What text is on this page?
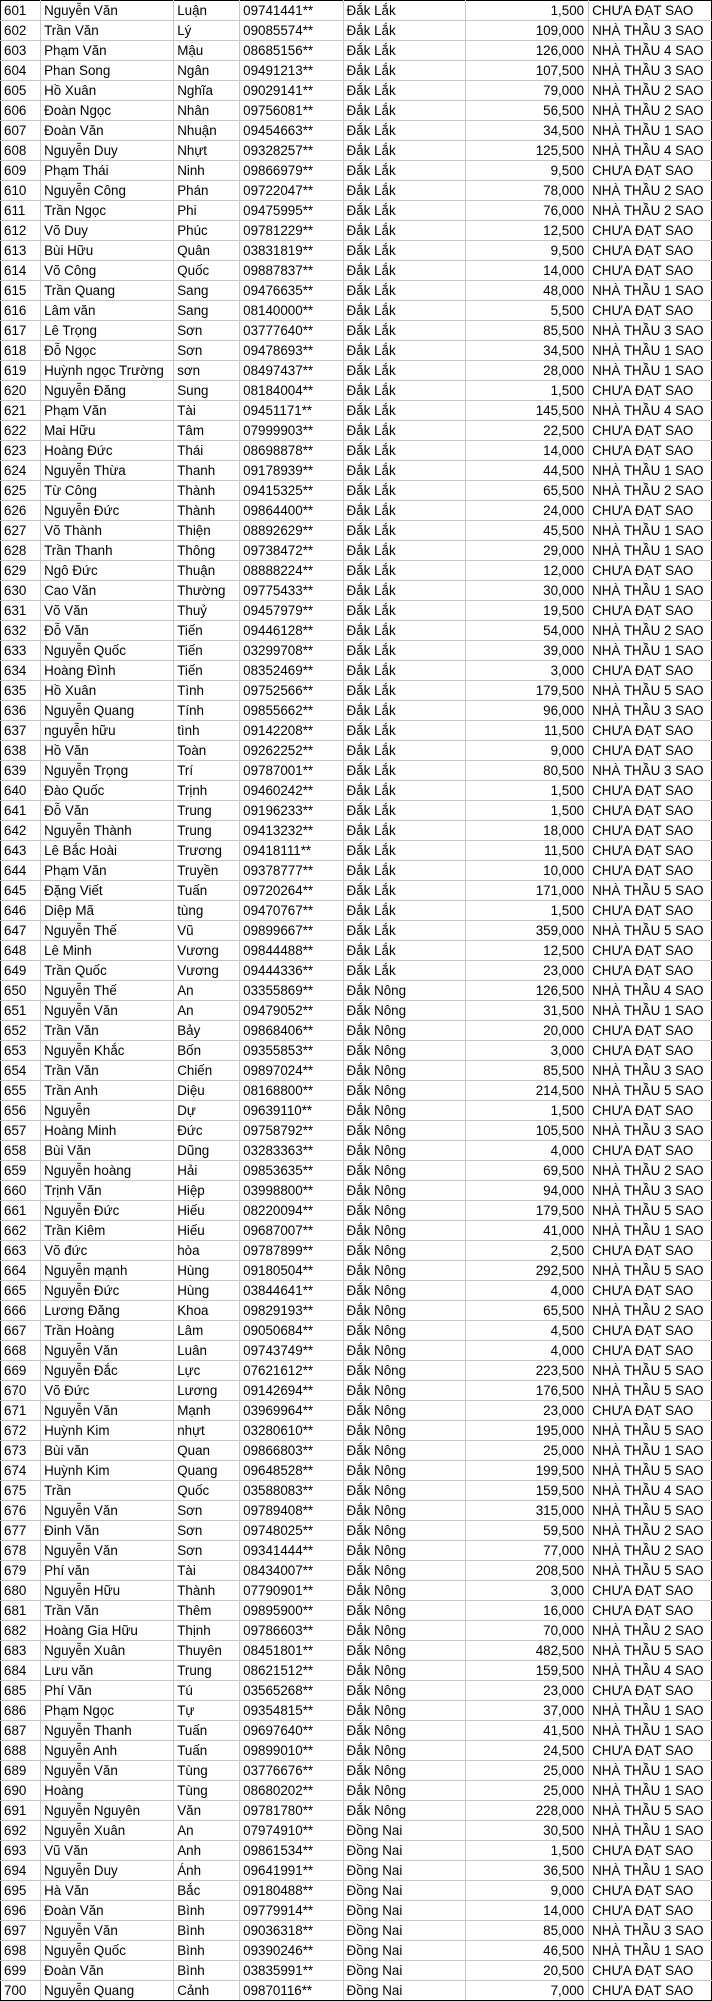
601	Nguyễn Văn	Luận	09741441**	Đắk Lắk	1,500	CHƯA ĐẠT SAO
602	Trần Văn	Lý	09085574**	Đắk Lắk	109,000	NHÀ THẦU 3 SAO
603	Phạm Văn	Mậu	08685156**	Đắk Lắk	126,000	NHÀ THẦU 4 SAO
604	Phan Song	Ngân	09491213**	Đắk Lắk	107,500	NHÀ THẦU 3 SAO
605	Hồ Xuân	Nghĩa	09029141**	Đắk Lắk	79,000	NHÀ THẦU 2 SAO
606	Đoàn Ngọc	Nhân	09756081**	Đắk Lắk	56,500	NHÀ THẦU 2 SAO
607	Đoàn Văn	Nhuận	09454663**	Đắk Lắk	34,500	NHÀ THẦU 1 SAO
608	Nguyễn Duy	Nhựt	09328257**	Đắk Lắk	125,500	NHÀ THẦU 4 SAO
609	Phạm Thái	Ninh	09866979**	Đắk Lắk	9,500	CHƯA ĐẠT SAO
610	Nguyễn Công	Phán	09722047**	Đắk Lắk	78,000	NHÀ THẦU 2 SAO
611	Trần Ngọc	Phi	09475995**	Đắk Lắk	76,000	NHÀ THẦU 2 SAO
612	Võ Duy	Phúc	09781229**	Đắk Lắk	12,500	CHƯA ĐẠT SAO
613	Bùi Hữu	Quân	03831819**	Đắk Lắk	9,500	CHƯA ĐẠT SAO
614	Võ Công	Quốc	09887837**	Đắk Lắk	14,000	CHƯA ĐẠT SAO
615	Trần Quang	Sang	09476635**	Đắk Lắk	48,000	NHÀ THẦU 1 SAO
616	Lâm văn	Sang	08140000**	Đắk Lắk	5,500	CHƯA ĐẠT SAO
617	Lê Trọng	Sơn	03777640**	Đắk Lắk	85,500	NHÀ THẦU 3 SAO
618	Đỗ Ngọc	Sơn	09478693**	Đắk Lắk	34,500	NHÀ THẦU 1 SAO
619	Huỳnh ngọc Trường	sơn	08497437**	Đắk Lắk	28,000	NHÀ THẦU 1 SAO
620	Nguyễn Đăng	Sung	08184004**	Đắk Lắk	1,500	CHƯA ĐẠT SAO
621	Phạm Văn	Tài	09451171**	Đắk Lắk	145,500	NHÀ THẦU 4 SAO
622	Mai Hữu	Tâm	07999903**	Đắk Lắk	22,500	CHƯA ĐẠT SAO
623	Hoàng Đức	Thái	08698878**	Đắk Lắk	14,000	CHƯA ĐẠT SAO
624	Nguyễn Thừa	Thanh	09178939**	Đắk Lắk	44,500	NHÀ THẦU 1 SAO
625	Từ Công	Thành	09415325**	Đắk Lắk	65,500	NHÀ THẦU 2 SAO
626	Nguyễn Đức	Thành	09864400**	Đắk Lắk	24,000	CHƯA ĐẠT SAO
627	Võ Thành	Thiện	08892629**	Đắk Lắk	45,500	NHÀ THẦU 1 SAO
628	Trần Thanh	Thông	09738472**	Đắk Lắk	29,000	NHÀ THẦU 1 SAO
629	Ngô Đức	Thuận	08888224**	Đắk Lắk	12,000	CHƯA ĐẠT SAO
630	Cao Văn	Thường	09775433**	Đắk Lắk	30,000	NHÀ THẦU 1 SAO
631	Võ Văn	Thuỷ	09457979**	Đắk Lắk	19,500	CHƯA ĐẠT SAO
632	Đỗ Văn	Tiến	09446128**	Đắk Lắk	54,000	NHÀ THẦU 2 SAO
633	Nguyễn Quốc	Tiến	03299708**	Đắk Lắk	39,000	NHÀ THẦU 1 SAO
634	Hoàng Đình	Tiến	08352469**	Đắk Lắk	3,000	CHƯA ĐẠT SAO
635	Hồ Xuân	Tình	09752566**	Đắk Lắk	179,500	NHÀ THẦU 5 SAO
636	Nguyễn Quang	Tính	09855662**	Đắk Lắk	96,000	NHÀ THẦU 3 SAO
637	nguyễn hữu	tình	09142208**	Đắk Lắk	11,500	CHƯA ĐẠT SAO
638	Hồ Văn	Toàn	09262252**	Đắk Lắk	9,000	CHƯA ĐẠT SAO
639	Nguyễn Trọng	Trí	09787001**	Đắk Lắk	80,500	NHÀ THẦU 3 SAO
640	Đào Quốc	Trịnh	09460242**	Đắk Lắk	1,500	CHƯA ĐẠT SAO
641	Đỗ Văn	Trung	09196233**	Đắk Lắk	1,500	CHƯA ĐẠT SAO
642	Nguyễn Thành	Trung	09413232**	Đắk Lắk	18,000	CHƯA ĐẠT SAO
643	Lê Bắc Hoài	Trương	09418111**	Đắk Lắk	11,500	CHƯA ĐẠT SAO
644	Phạm Văn	Truyền	09378777**	Đắk Lắk	10,000	CHƯA ĐẠT SAO
645	Đặng Viết	Tuấn	09720264**	Đắk Lắk	171,000	NHÀ THẦU 5 SAO
646	Diệp Mã	tùng	09470767**	Đắk Lắk	1,500	CHƯA ĐẠT SAO
647	Nguyễn Thế	Vũ	09899667**	Đắk Lắk	359,000	NHÀ THẦU 5 SAO
648	Lê Minh	Vương	09844488**	Đắk Lắk	12,500	CHƯA ĐẠT SAO
649	Trần Quốc	Vương	09444336**	Đắk Lắk	23,000	CHƯA ĐẠT SAO
650	Nguyễn Thế	An	03355869**	Đắk Nông	126,500	NHÀ THẦU 4 SAO
651	Nguyễn Văn	An	09479052**	Đắk Nông	31,500	NHÀ THẦU 1 SAO
652	Trần Văn	Bảy	09868406**	Đắk Nông	20,000	CHƯA ĐẠT SAO
653	Nguyễn Khắc	Bốn	09355853**	Đắk Nông	3,000	CHƯA ĐẠT SAO
654	Trần Văn	Chiến	09897024**	Đắk Nông	85,500	NHÀ THẦU 3 SAO
655	Trần Anh	Diệu	08168800**	Đắk Nông	214,500	NHÀ THẦU 5 SAO
656	Nguyễn	Dự	09639110**	Đắk Nông	1,500	CHƯA ĐẠT SAO
657	Hoàng Minh	Đức	09758792**	Đắk Nông	105,500	NHÀ THẦU 3 SAO
658	Bùi Văn	Dũng	03283363**	Đắk Nông	4,000	CHƯA ĐẠT SAO
659	Nguyễn hoàng	Hải	09853635**	Đắk Nông	69,500	NHÀ THẦU 2 SAO
660	Trịnh Văn	Hiệp	03998800**	Đắk Nông	94,000	NHÀ THẦU 3 SAO
661	Nguyễn Đức	Hiếu	08220094**	Đắk Nông	179,500	NHÀ THẦU 5 SAO
662	Trần Kiêm	Hiếu	09687007**	Đắk Nông	41,000	NHÀ THẦU 1 SAO
663	Võ đức	hòa	09787899**	Đắk Nông	2,500	CHƯA ĐẠT SAO
664	Nguyễn mạnh	Hùng	09180504**	Đắk Nông	292,500	NHÀ THẦU 5 SAO
665	Nguyễn Đức	Hùng	03844641**	Đắk Nông	4,000	CHƯA ĐẠT SAO
666	Lương Đăng	Khoa	09829193**	Đắk Nông	65,500	NHÀ THẦU 2 SAO
667	Trần Hoàng	Lâm	09050684**	Đắk Nông	4,500	CHƯA ĐẠT SAO
668	Nguyễn Văn	Luân	09743749**	Đắk Nông	4,000	CHƯA ĐẠT SAO
669	Nguyễn Đắc	Lực	07621612**	Đắk Nông	223,500	NHÀ THẦU 5 SAO
670	Võ Đức	Lương	09142694**	Đắk Nông	176,500	NHÀ THẦU 5 SAO
671	Nguyễn Văn	Mạnh	03969964**	Đắk Nông	23,000	CHƯA ĐẠT SAO
672	Huỳnh Kim	nhựt	03280610**	Đắk Nông	195,000	NHÀ THẦU 5 SAO
673	Bùi văn	Quan	09866803**	Đắk Nông	25,000	NHÀ THẦU 1 SAO
674	Huỳnh Kim	Quang	09648528**	Đắk Nông	199,500	NHÀ THẦU 5 SAO
675	Trần	Quốc	03588083**	Đắk Nông	159,500	NHÀ THẦU 4 SAO
676	Nguyễn Văn	Sơn	09789408**	Đắk Nông	315,000	NHÀ THẦU 5 SAO
677	Đinh Văn	Sơn	09748025**	Đắk Nông	59,500	NHÀ THẦU 2 SAO
678	Nguyễn Văn	Sơn	09341444**	Đắk Nông	77,000	NHÀ THẦU 2 SAO
679	Phí văn	Tài	08434007**	Đắk Nông	208,500	NHÀ THẦU 5 SAO
680	Nguyễn Hữu	Thành	07790901**	Đắk Nông	3,000	CHƯA ĐẠT SAO
681	Trần Văn	Thêm	09895900**	Đắk Nông	16,000	CHƯA ĐẠT SAO
682	Hoàng Gia Hữu	Thịnh	09786603**	Đắk Nông	70,000	NHÀ THẦU 2 SAO
683	Nguyễn Xuân	Thuyên	08451801**	Đắk Nông	482,500	NHÀ THẦU 5 SAO
684	Lưu văn	Trung	08621512**	Đắk Nông	159,500	NHÀ THẦU 4 SAO
685	Phí Văn	Tú	03565268**	Đắk Nông	23,000	CHƯA ĐẠT SAO
686	Phạm Ngọc	Tự	09354815**	Đắk Nông	37,000	NHÀ THẦU 1 SAO
687	Nguyễn Thanh	Tuấn	09697640**	Đắk Nông	41,500	NHÀ THẦU 1 SAO
688	Nguyễn Anh	Tuấn	09899010**	Đắk Nông	24,500	CHƯA ĐẠT SAO
689	Nguyễn Văn	Tùng	03776676**	Đắk Nông	25,000	NHÀ THẦU 1 SAO
690	Hoàng	Tùng	08680202**	Đắk Nông	25,000	NHÀ THẦU 1 SAO
691	Nguyễn Nguyên	Văn	09781780**	Đắk Nông	228,000	NHÀ THẦU 5 SAO
692	Nguyễn Xuân	An	07974910**	Đồng Nai	30,500	NHÀ THẦU 1 SAO
693	Vũ Văn	Anh	09861534**	Đồng Nai	1,500	CHƯA ĐẠT SAO
694	Nguyễn Duy	Ánh	09641991**	Đồng Nai	36,500	NHÀ THẦU 1 SAO
695	Hà Văn	Bắc	09180488**	Đồng Nai	9,000	CHƯA ĐẠT SAO
696	Đoàn Văn	Bình	09779914**	Đồng Nai	14,000	CHƯA ĐẠT SAO
697	Nguyễn Văn	Bình	09036318**	Đồng Nai	85,000	NHÀ THẦU 3 SAO
698	Nguyễn Quốc	Bình	09390246**	Đồng Nai	46,500	NHÀ THẦU 1 SAO
699	Đoàn Văn	Bình	03835991**	Đồng Nai	20,500	CHƯA ĐẠT SAO
700	Nguyễn Quang	Cảnh	09870116**	Đồng Nai	7,000	CHƯA ĐẠT SAO
